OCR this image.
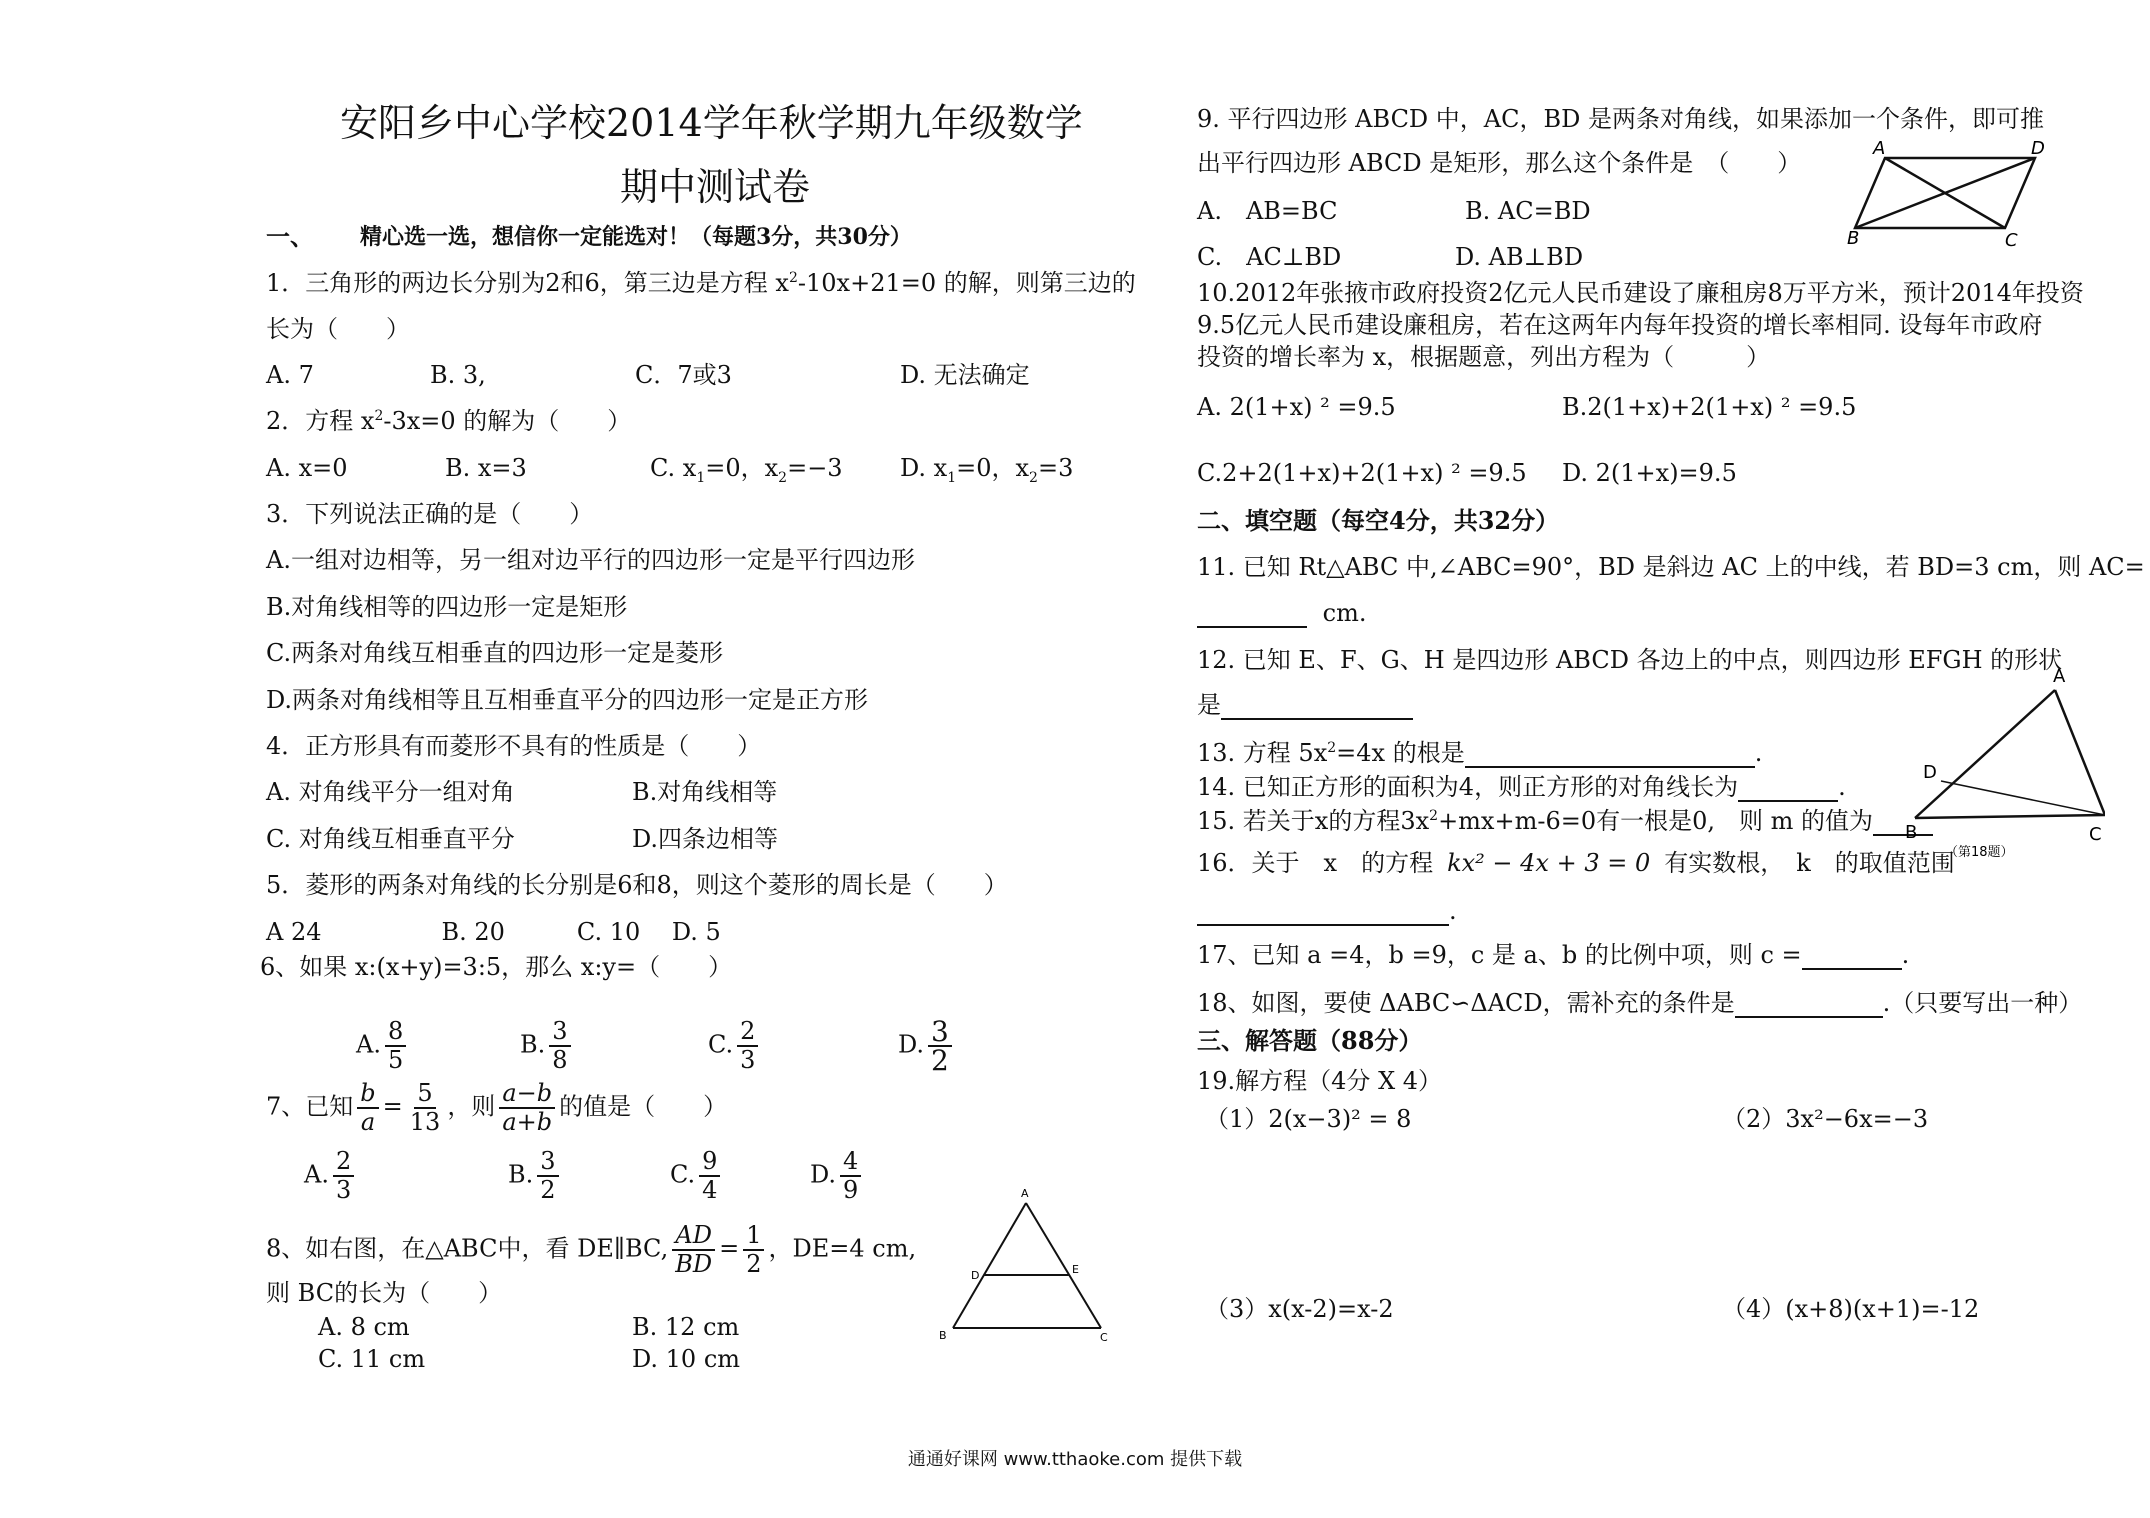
安阳乡中心学校2014学年秋学期九年级数学
期中测试卷
一、 精心选一选，想信你一定能选对！（每题3分，共30分）
1．三角形的两边长分别为2和6，第三边是方程 $x^2-10x+21=0$ 的解，则第三边的
长为（　　）
A. 7	B. 3,	C．7或3	D. 无法确定
2．方程 $x^2-3x=0$ 的解为（　　）
A. x=0	B. x=3	C. $x_1=0$，$x_2=-3$ D. $x_1=0$，$x_2=3$
3．下列说法正确的是（　　）
A.一组对边相等，另一组对边平行的四边形一定是平行四边形
B.对角线相等的四边形一定是矩形
C.两条对角线互相垂直的四边形一定是菱形
D.两条对角线相等且互相垂直平分的四边形一定是正方形
4．正方形具有而菱形不具有的性质是（　　）
A. 对角线平分一组对角	B.对角线相等
C. 对角线互相垂直平分	D.四条边相等
5．菱形的两条对角线的长分别是6和8，则这个菱形的周长是（　　）
A 24　　　　　B. 20　　　C. 10　 D. 5
6、如果 x:(x+y)=3:5，那么 x:y=（　　）
A. $\frac{8}{5}$	B. $\frac{3}{8}$	C. $\frac{2}{3}$	D. $\frac{3}{2}$
7、已知 $\frac{b}{a} = \frac{5}{13}$ ，则 $\frac{a-b}{a+b}$ 的值是（　　）
A. $\frac{2}{3}$	B. $\frac{3}{2}$	C. $\frac{9}{4}$	D. $\frac{4}{9}$
8、如右图，在△ABC中，看 DE∥BC, $\frac{AD}{BD} = \frac{1}{2}$ ，DE=4 cm,
则 BC的长为（　　）
A. 8 cm	B. 12 cm
C. 11 cm	D. 10 cm
A
D	E
B	C
9. 平行四边形 ABCD 中，AC，BD 是两条对角线，如果添加一个条件，即可推
出平行四边形 ABCD 是矩形，那么这个条件是　（　　）
A.　AB=BC	B. AC=BD
C.　AC⊥BD	D. AB⊥BD
A	D
B	C
10.2012年张掖市政府投资2亿元人民币建设了廉租房8万平方米，预计2014年投资
9.5亿元人民币建设廉租房，若在这两年内每年投资的增长率相同. 设每年市政府
投资的增长率为 x，根据题意，列出方程为（　　　）
A. 2(1+x) ² =9.5	B.2(1+x)+2(1+x) ² =9.5
C.2+2(1+x)+2(1+x) ² =9.5 D. 2(1+x)=9.5
二、填空题（每空4分，共32分）
11. 已知 Rt△ABC 中,∠ABC=90°，BD 是斜边 AC 上的中线，若 BD=3 cm，则 AC=
cm.
12. 已知 E、F、G、H 是四边形 ABCD 各边上的中点，则四边形 EFGH 的形状
是
13. 方程 $5x^2=4x$ 的根是	.
14. 已知正方形的面积为4，则正方形的对角线长为	.
15. 若关于x的方程$3x^2+mx+m-6=0$有一根是0,　则 m 的值为
A
D
B	C
（第18题）
16．关于　x　的方程 kx² − 4x + 3 = 0 有实数根，　k　的取值范围
.
17、已知 a =4，b =9，c 是 a、b 的比例中项，则 c =	.
18、如图，要使 ΔABC∽ΔACD，需补充的条件是	.（只要写出一种）
三、解答题（88分）
19.解方程（4分 X 4）
（1）2(x−3)² = 8	（2）3x²−6x=−3
（3）x(x-2)=x-2	（4）(x+8)(x+1)=-12
通通好课网 www.tthaoke.com 提供下载
